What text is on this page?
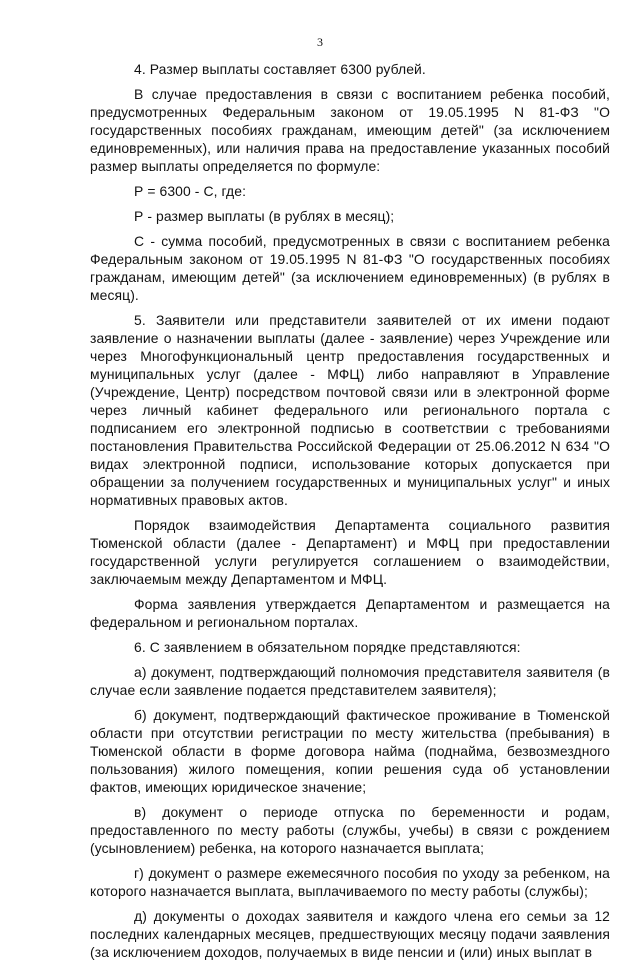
3

4. Размер выплаты составляет 6300 рублей.

В случае предоставления в связи с воспитанием ребенка пособий, предусмотренных Федеральным законом от 19.05.1995 N 81-ФЗ "О государственных пособиях гражданам, имеющим детей" (за исключением единовременных), или наличия права на предоставление указанных пособий размер выплаты определяется по формуле:

Р = 6300 - С, где:

Р - размер выплаты (в рублях в месяц);

С - сумма пособий, предусмотренных в связи с воспитанием ребенка Федеральным законом от 19.05.1995 N 81-ФЗ "О государственных пособиях гражданам, имеющим детей" (за исключением единовременных) (в рублях в месяц).

5. Заявители или представители заявителей от их имени подают заявление о назначении выплаты (далее - заявление) через Учреждение или через Многофункциональный центр предоставления государственных и муниципальных услуг (далее - МФЦ) либо направляют в Управление (Учреждение, Центр) посредством почтовой связи или в электронной форме через личный кабинет федерального или регионального портала с подписанием его электронной подписью в соответствии с требованиями постановления Правительства Российской Федерации от 25.06.2012 N 634 "О видах электронной подписи, использование которых допускается при обращении за получением государственных и муниципальных услуг" и иных нормативных правовых актов.

Порядок взаимодействия Департамента социального развития Тюменской области (далее - Департамент) и МФЦ при предоставлении государственной услуги регулируется соглашением о взаимодействии, заключаемым между Департаментом и МФЦ.

Форма заявления утверждается Департаментом и размещается на федеральном и региональном порталах.

6. С заявлением в обязательном порядке представляются:

а) документ, подтверждающий полномочия представителя заявителя (в случае если заявление подается представителем заявителя);

б) документ, подтверждающий фактическое проживание в Тюменской области при отсутствии регистрации по месту жительства (пребывания) в Тюменской области в форме договора найма (поднайма, безвозмездного пользования) жилого помещения, копии решения суда об установлении фактов, имеющих юридическое значение;

в) документ о периоде отпуска по беременности и родам, предоставленного по месту работы (службы, учебы) в связи с рождением (усыновлением) ребенка, на которого назначается выплата;

г) документ о размере ежемесячного пособия по уходу за ребенком, на которого назначается выплата, выплачиваемого по месту работы (службы);

д) документы о доходах заявителя и каждого члена его семьи за 12 последних календарных месяцев, предшествующих месяцу подачи заявления (за исключением доходов, получаемых в виде пенсии и (или) иных выплат в
